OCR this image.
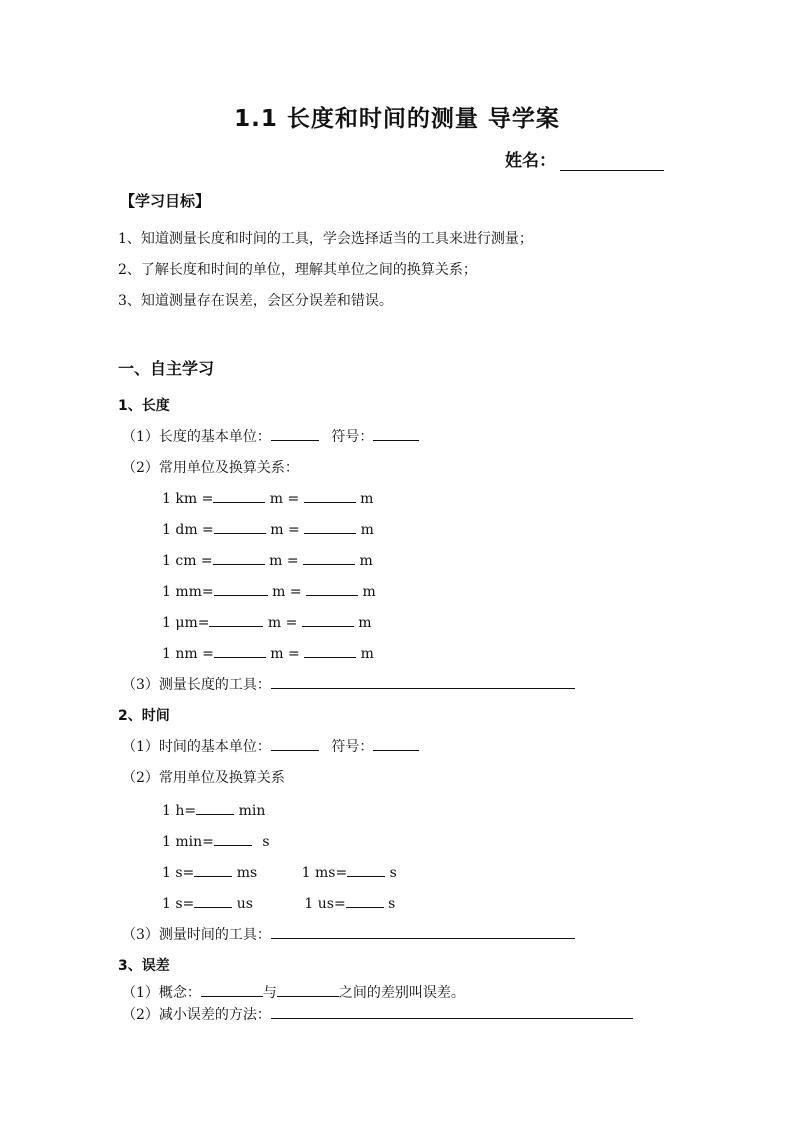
1.1 长度和时间的测量 导学案
姓名：
【学习目标】
1、知道测量长度和时间的工具，学会选择适当的工具来进行测量；
2、了解长度和时间的单位，理解其单位之间的换算关系；
3、知道测量存在误差，会区分误差和错误。
一、自主学习
1、长度
（1）长度的基本单位：	符号：
（2）常用单位及换算关系：
1 km =	m =	m
1 dm =	m =	m
1 cm =	m =	m
1 mm=	m =	m
1 μm=	m =	m
1 nm =	m =	m
（3）测量长度的工具：
2、时间
（1）时间的基本单位：	符号：
（2）常用单位及换算关系
1 h=	min
1 min=	s
1 s=	ms	1 ms=	s
1 s=	us	1 us=	s
（3）测量时间的工具：
3、误差
（1）概念：	与	之间的差别叫误差。
（2）减小误差的方法：
